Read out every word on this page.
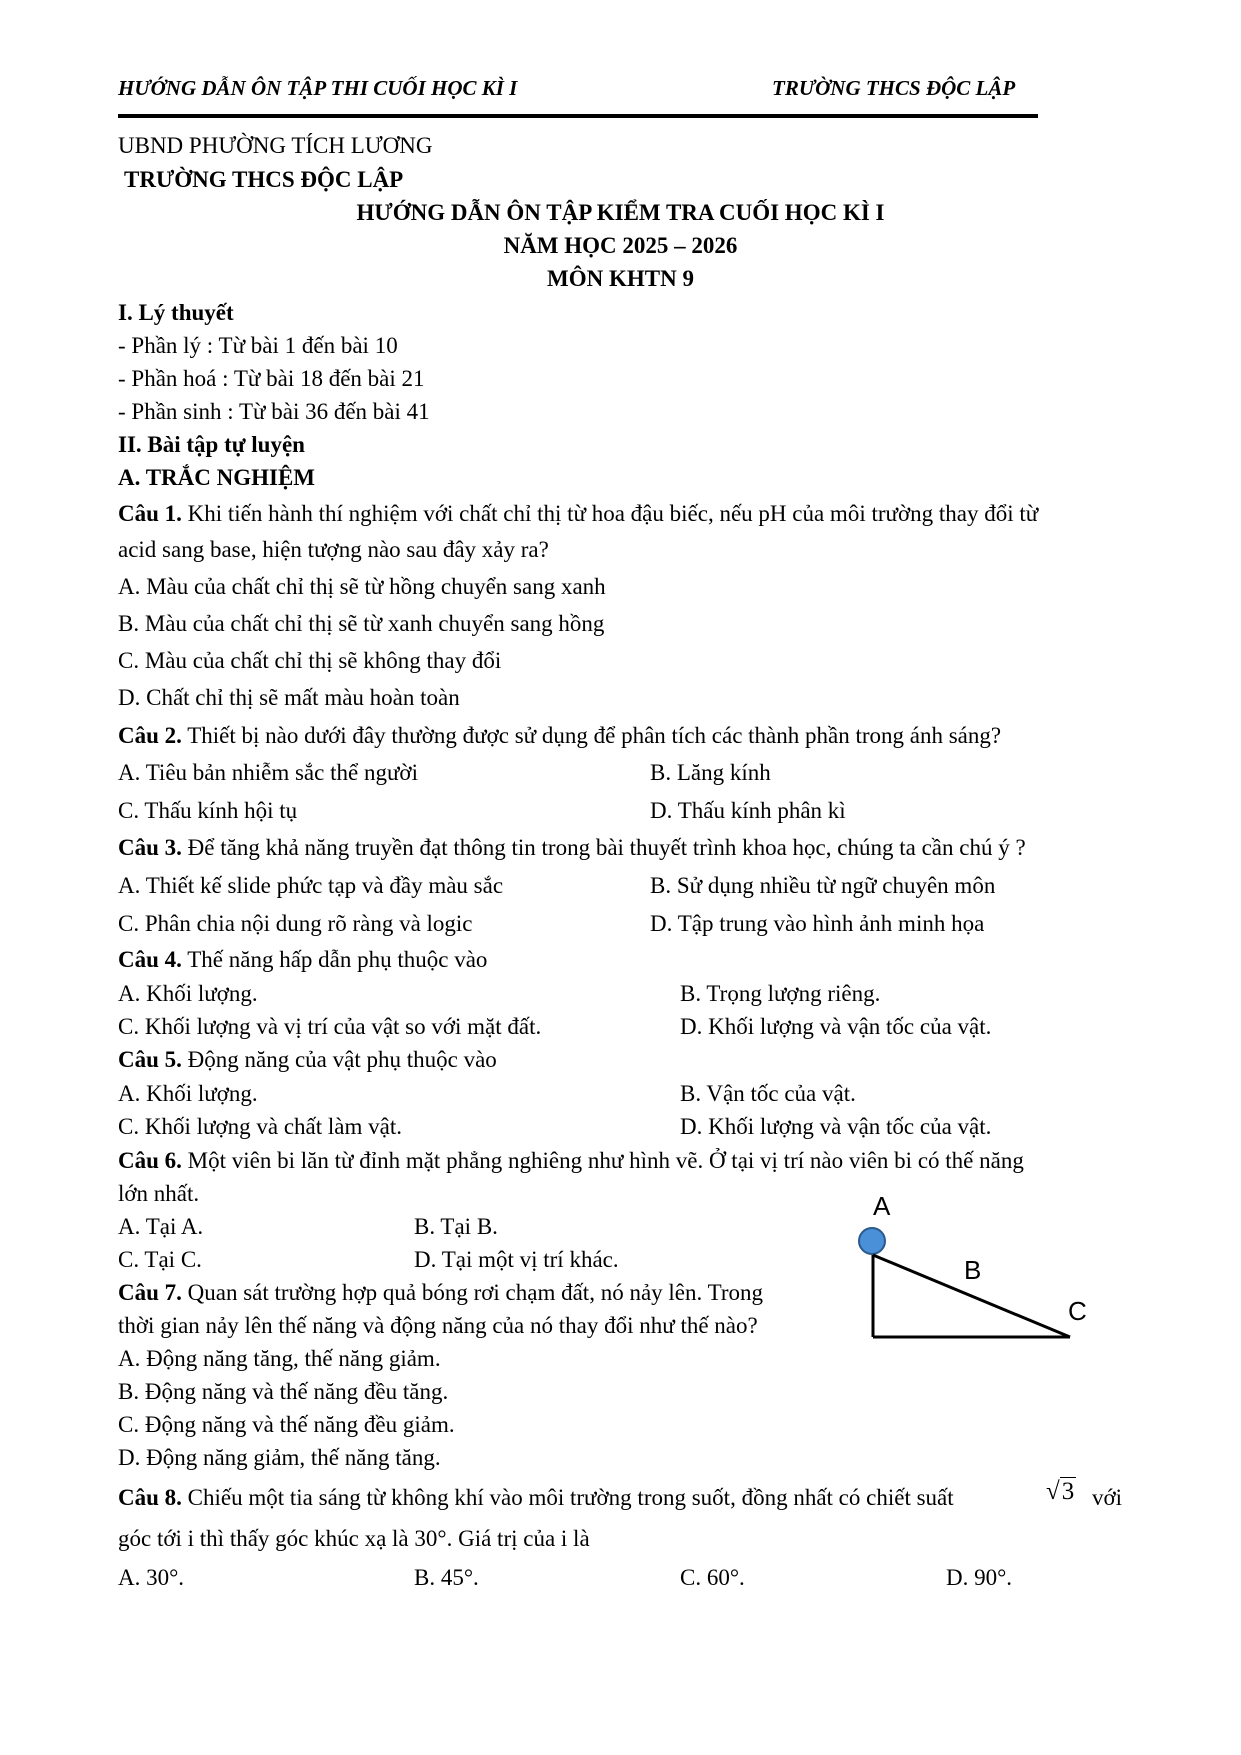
HƯỚNG DẪN ÔN TẬP THI CUỐI HỌC KÌ I	TRƯỜNG THCS ĐỘC LẬP
UBND PHƯỜNG TÍCH LƯƠNG
TRƯỜNG THCS ĐỘC LẬP
HƯỚNG DẪN ÔN TẬP KIỂM TRA CUỐI HỌC KÌ I
NĂM HỌC 2025 – 2026
MÔN KHTN 9
I. Lý thuyết
- Phần lý : Từ bài 1 đến bài 10
- Phần hoá : Từ bài 18 đến bài 21
- Phần sinh : Từ bài 36 đến bài 41
II. Bài tập tự luyện
A. TRẮC NGHIỆM
Câu 1. Khi tiến hành thí nghiệm với chất chỉ thị từ hoa đậu biếc, nếu pH của môi trường thay đổi từ
acid sang base, hiện tượng nào sau đây xảy ra?
A. Màu của chất chỉ thị sẽ từ hồng chuyển sang xanh
B. Màu của chất chỉ thị sẽ từ xanh chuyển sang hồng
C. Màu của chất chỉ thị sẽ không thay đổi
D. Chất chỉ thị sẽ mất màu hoàn toàn
Câu 2. Thiết bị nào dưới đây thường được sử dụng để phân tích các thành phần trong ánh sáng?
A. Tiêu bản nhiễm sắc thể người	B. Lăng kính
C. Thấu kính hội tụ	D. Thấu kính phân kì
Câu 3. Để tăng khả năng truyền đạt thông tin trong bài thuyết trình khoa học, chúng ta cần chú ý ?
A. Thiết kế slide phức tạp và đầy màu sắc	B. Sử dụng nhiều từ ngữ chuyên môn
C. Phân chia nội dung rõ ràng và logic	D. Tập trung vào hình ảnh minh họa
Câu 4. Thế năng hấp dẫn phụ thuộc vào
A. Khối lượng.	B. Trọng lượng riêng.
C. Khối lượng và vị trí của vật so với mặt đất.	D. Khối lượng và vận tốc của vật.
Câu 5. Động năng của vật phụ thuộc vào
A. Khối lượng.	B. Vận tốc của vật.
C. Khối lượng và chất làm vật.	D. Khối lượng và vận tốc của vật.
Câu 6. Một viên bi lăn từ đỉnh mặt phẳng nghiêng như hình vẽ. Ở tại vị trí nào viên bi có thế năng
lớn nhất.
A. Tại A.	B. Tại B.
C. Tại C.	D. Tại một vị trí khác.
A
B
C
Câu 7. Quan sát trường hợp quả bóng rơi chạm đất, nó nảy lên. Trong
thời gian nảy lên thế năng và động năng của nó thay đổi như thế nào?
A. Động năng tăng, thế năng giảm.
B. Động năng và thế năng đều tăng.
C. Động năng và thế năng đều giảm.
D. Động năng giảm, thế năng tăng.
Câu 8. Chiếu một tia sáng từ không khí vào môi trường trong suốt, đồng nhất có chiết suất	√3 với
góc tới i thì thấy góc khúc xạ là 30°. Giá trị của i là
A. 30°.	B. 45°.	C. 60°.	D. 90°.
